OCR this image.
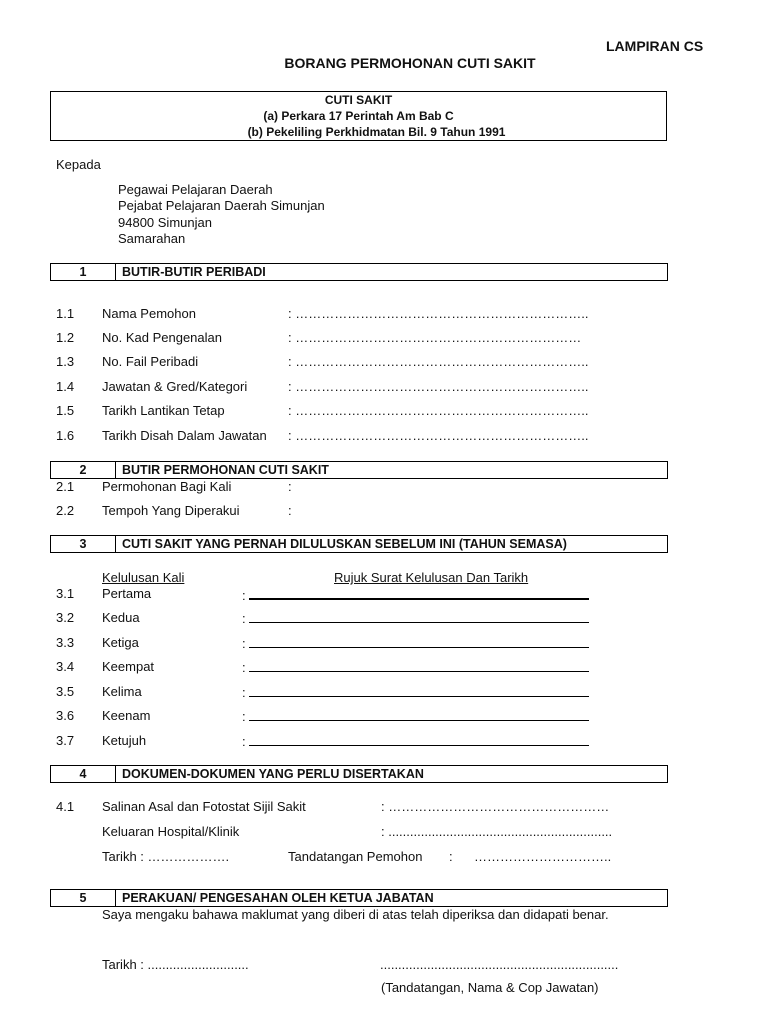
LAMPIRAN CS
BORANG PERMOHONAN CUTI SAKIT
CUTI SAKIT
(a) Perkara 17 Perintah Am Bab C
(b) Pekeliling Perkhidmatan Bil. 9 Tahun 1991
Kepada
Pegawai Pelajaran Daerah
Pejabat Pelajaran Daerah Simunjan
94800 Simunjan
Samarahan
1	BUTIR-BUTIR PERIBADI
1.1 Nama Pemohon	: …………………………………………………………..
1.2 No. Kad Pengenalan	: …………………………………………………………
1.3 No. Fail Peribadi	: …………………………………………………………..
1.4 Jawatan & Gred/Kategori	: …………………………………………………………..
1.5 Tarikh Lantikan Tetap	: …………………………………………………………..
1.6 Tarikh Disah Dalam Jawatan : …………………………………………………………..
2	BUTIR PERMOHONAN CUTI SAKIT
2.1 Permohonan Bagi Kali	:
2.2 Tempoh Yang Diperakui	:
3	CUTI SAKIT YANG PERNAH DILULUSKAN SEBELUM INI (TAHUN SEMASA)
Kelulusan Kali	Rujuk Surat Kelulusan Dan Tarikh
3.1 Pertama	:
3.2 Kedua	:
3.3 Ketiga	:
3.4 Keempat	:
3.5 Kelima	:
3.6 Keenam	:
3.7 Ketujuh	:
4	DOKUMEN-DOKUMEN YANG PERLU DISERTAKAN
4.1 Salinan Asal dan Fotostat Sijil Sakit	: ……………………………………………
Keluaran Hospital/Klinik	: ..............................................................
Tarikh : ……………….	Tandatangan Pemohon : …………………………..
5	PERAKUAN/ PENGESAHAN OLEH KETUA JABATAN
Saya mengaku bahawa maklumat yang diberi di atas telah diperiksa dan didapati benar.
Tarikh : ............................	..................................................................
(Tandatangan, Nama & Cop Jawatan)
